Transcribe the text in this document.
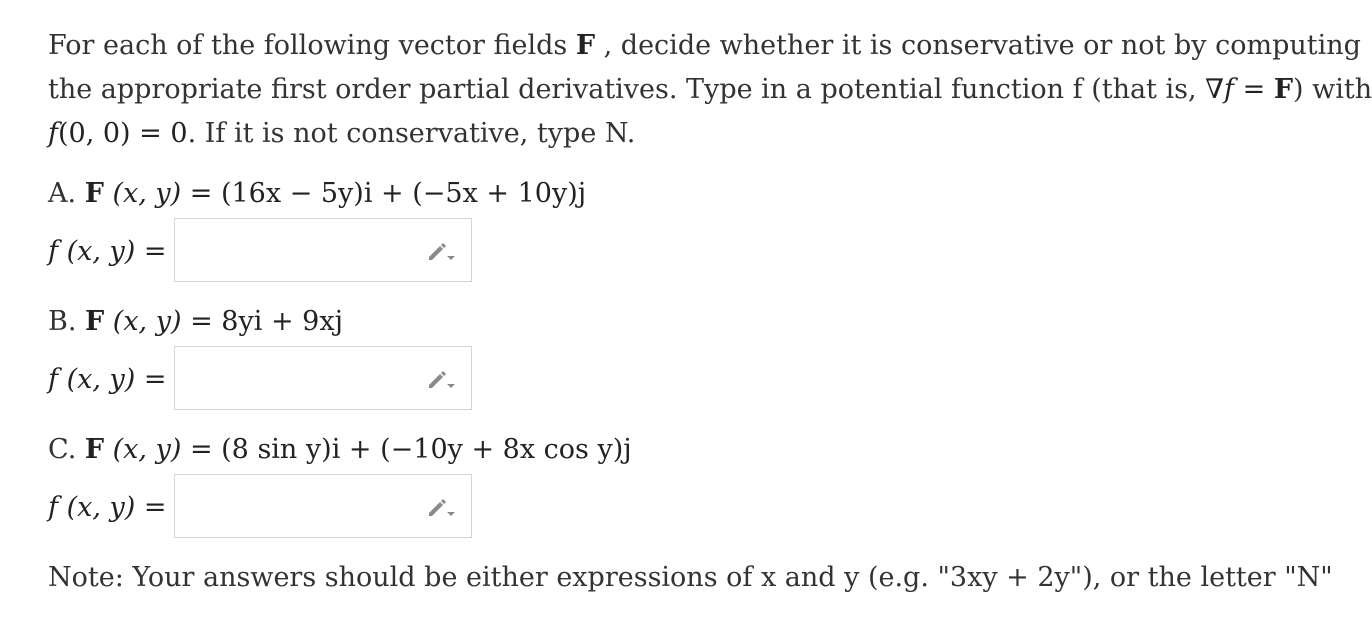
For each of the following vector fields F , decide whether it is conservative or not by computing
the appropriate first order partial derivatives. Type in a potential function f (that is, ∇f = F) with
f(0, 0) = 0. If it is not conservative, type N.
A. F (x, y) = (16x − 5y)i + (−5x + 10y)j
f (x, y) =
B. F (x, y) = 8yi + 9xj
f (x, y) =
C. F (x, y) = (8 sin y)i + (−10y + 8x cos y)j
f (x, y) =
Note: Your answers should be either expressions of x and y (e.g. "3xy + 2y"), or the letter "N"
